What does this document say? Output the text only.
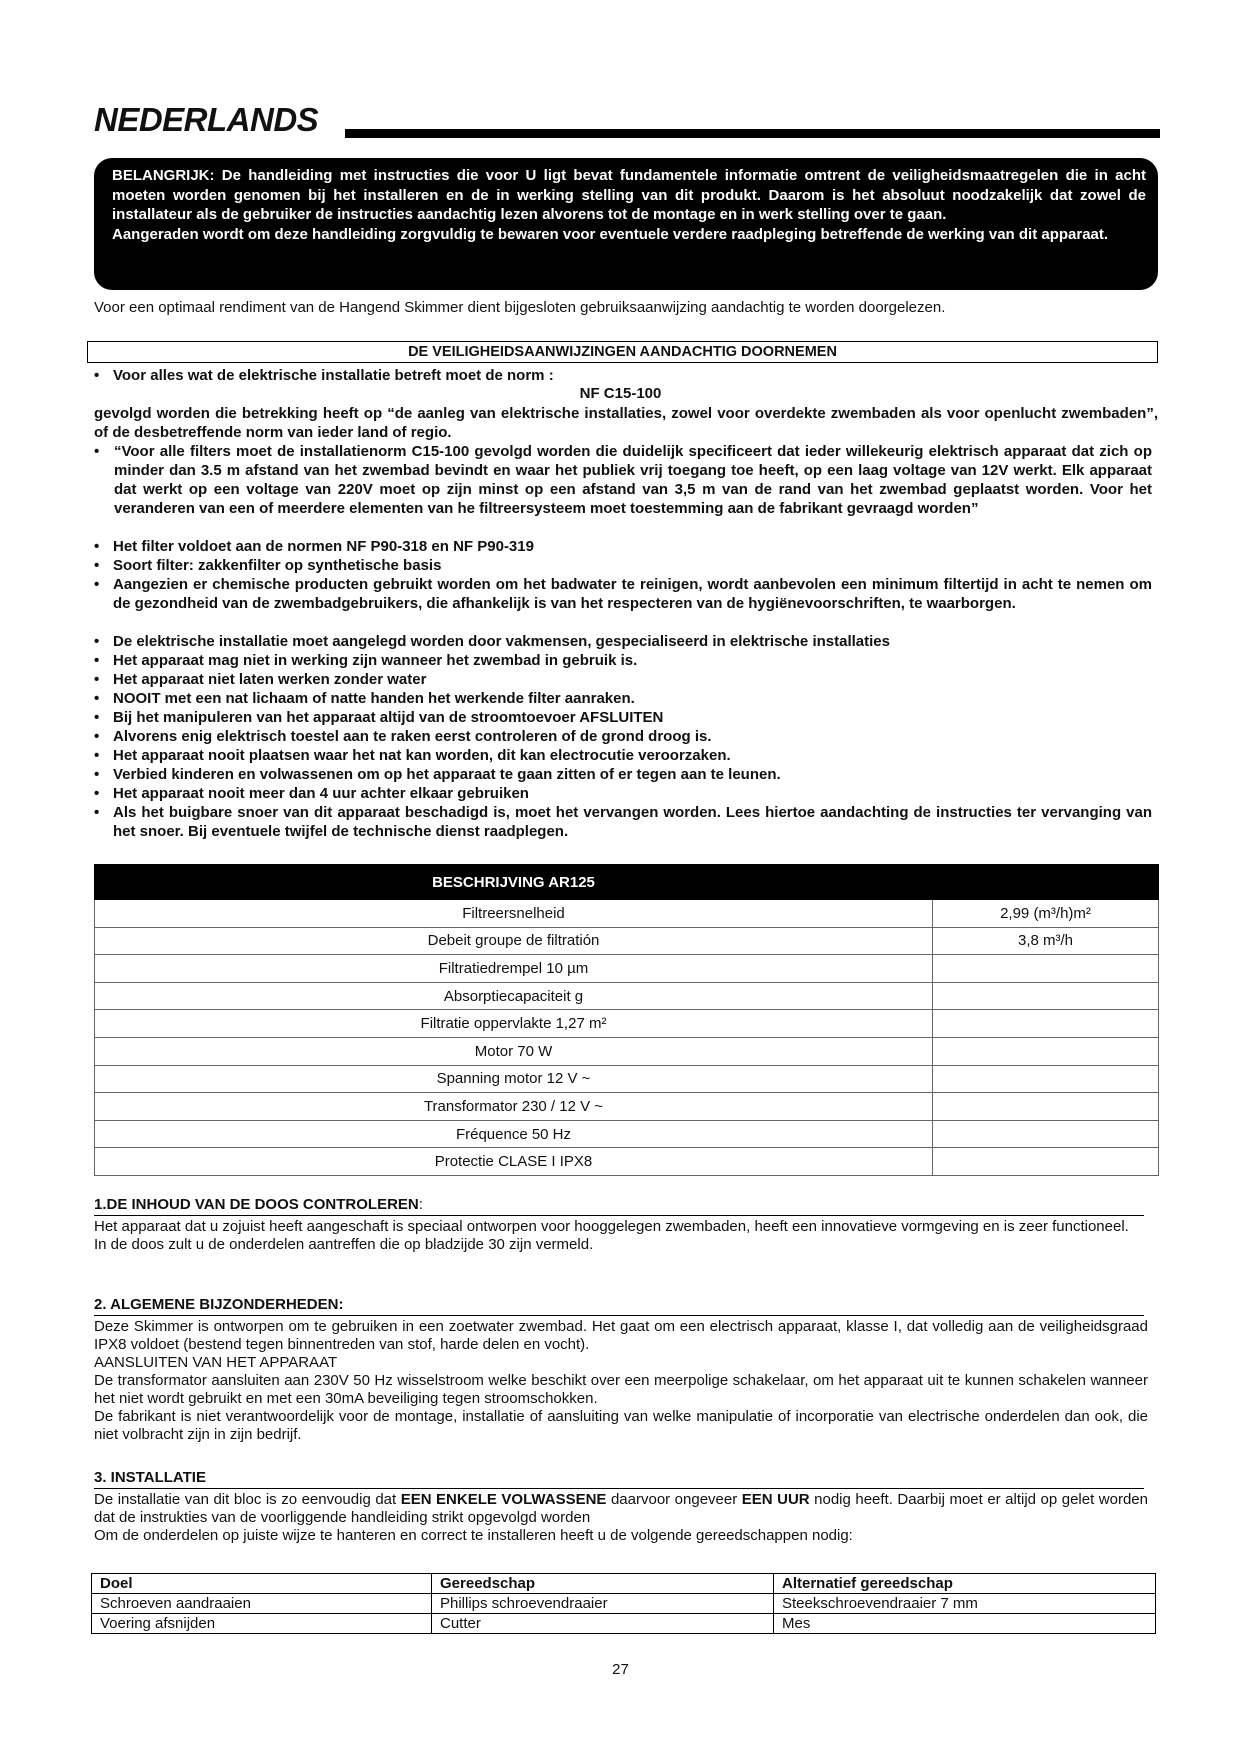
NEDERLANDS

BELANGRIJK: De handleiding met instructies die voor U ligt bevat fundamentele informatie omtrent de veiligheidsmaatregelen die in acht moeten worden genomen bij het installeren en de in werking stelling van dit produkt. Daarom is het absoluut noodzakelijk dat zowel de installateur als de gebruiker de instructies aandachtig lezen alvorens tot de montage en in werk stelling over te gaan.

Aangeraden wordt om deze handleiding zorgvuldig te bewaren voor eventuele verdere raadpleging betreffende de werking van dit apparaat.

Voor een optimaal rendiment van de Hangend Skimmer dient bijgesloten gebruiksaanwijzing aandachtig te worden doorgelezen.
DE VEILIGHEIDSAANWIJZINGEN AANDACHTIG DOORNEMEN
• Voor alles wat de elektrische installatie betreft moet de norm :
NF C15-100
gevolgd worden die betrekking heeft op “de aanleg van elektrische installaties, zowel voor overdekte zwembaden als voor openlucht zwembaden”, of de desbetreffende norm van ieder land of regio.
• “Voor alle filters moet de installatienorm C15-100 gevolgd worden die duidelijk specificeert dat ieder willekeurig elektrisch apparaat dat zich op minder dan 3.5 m afstand van het zwembad bevindt en waar het publiek vrij toegang toe heeft, op een laag voltage van 12V werkt. Elk apparaat dat werkt op een voltage van 220V moet op zijn minst op een afstand van 3,5 m van de rand van het zwembad geplaatst worden. Voor het veranderen van een of meerdere elementen van he filtreersysteem moet toestemming aan de fabrikant gevraagd worden”
• Het filter voldoet aan de normen NF P90-318 en NF P90-319
• Soort filter: zakkenfilter op synthetische basis
• Aangezien er chemische producten gebruikt worden om het badwater te reinigen, wordt aanbevolen een minimum filtertijd in acht te nemen om de gezondheid van de zwembadgebruikers, die afhankelijk is van het respecteren van de hygiënevoorschriften, te waarborgen.
• De elektrische installatie moet aangelegd worden door vakmensen, gespecialiseerd in elektrische installaties
• Het apparaat mag niet in werking zijn wanneer het zwembad in gebruik is.
• Het apparaat niet laten werken zonder water
• NOOIT met een nat lichaam of natte handen het werkende filter aanraken.
• Bij het manipuleren van het apparaat altijd van de stroomtoevoer AFSLUITEN
• Alvorens enig elektrisch toestel aan te raken eerst controleren of de grond droog is.
• Het apparaat nooit plaatsen waar het nat kan worden, dit kan electrocutie veroorzaken.
• Verbied kinderen en volwassenen om op het apparaat te gaan zitten of er tegen aan te leunen.
• Het apparaat nooit meer dan 4 uur achter elkaar gebruiken
• Als het buigbare snoer van dit apparaat beschadigd is, moet het vervangen worden. Lees hiertoe aandachting de instructies ter vervanging van het snoer. Bij eventuele twijfel de technische dienst raadplegen.
BESCHRIJVING AR125	
Filtreersnelheid	2,99 (m³/h)m²
Debeit groupe de filtratión	3,8 m³/h
Filtratiedrempel 10 µm	
Absorptiecapaciteit g	
Filtratie oppervlakte 1,27 m²	
Motor 70 W	
Spanning motor 12 V ~	
Transformator 230 / 12 V ~	
Fréquence 50 Hz	
Protectie CLASE I IPX8	
1.DE INHOUD VAN DE DOOS CONTROLEREN:

Het apparaat dat u zojuist heeft aangeschaft is speciaal ontworpen voor hooggelegen zwembaden, heeft een innovatieve vormgeving en is zeer functioneel.

In de doos zult u de onderdelen aantreffen die op bladzijde 30 zijn vermeld.

2. ALGEMENE BIJZONDERHEDEN:

Deze Skimmer is ontworpen om te gebruiken in een zoetwater zwembad. Het gaat om een electrisch apparaat, klasse I, dat volledig aan de veiligheidsgraad IPX8 voldoet (bestend tegen binnentreden van stof, harde delen en vocht).

AANSLUITEN VAN HET APPARAAT

De transformator aansluiten aan 230V 50 Hz wisselstroom welke beschikt over een meerpolige schakelaar, om het apparaat uit te kunnen schakelen wanneer het niet wordt gebruikt en met een 30mA beveiliging tegen stroomschokken.

De fabrikant is niet verantwoordelijk voor de montage, installatie of aansluiting van welke manipulatie of incorporatie van electrische onderdelen dan ook, die niet volbracht zijn in zijn bedrijf.

3. INSTALLATIE

De installatie van dit bloc is zo eenvoudig dat EEN ENKELE VOLWASSENE daarvoor ongeveer EEN UUR nodig heeft. Daarbij moet er altijd op gelet worden dat de instrukties van de voorliggende handleiding strikt opgevolgd worden

Om de onderdelen op juiste wijze te hanteren en correct te installeren heeft u de volgende gereedschappen nodig:

Doel	Gereedschap	Alternatief gereedschap
Schroeven aandraaien	Phillips schroevendraaier	Steekschroevendraaier 7 mm
Voering afsnijden	Cutter	Mes
27
